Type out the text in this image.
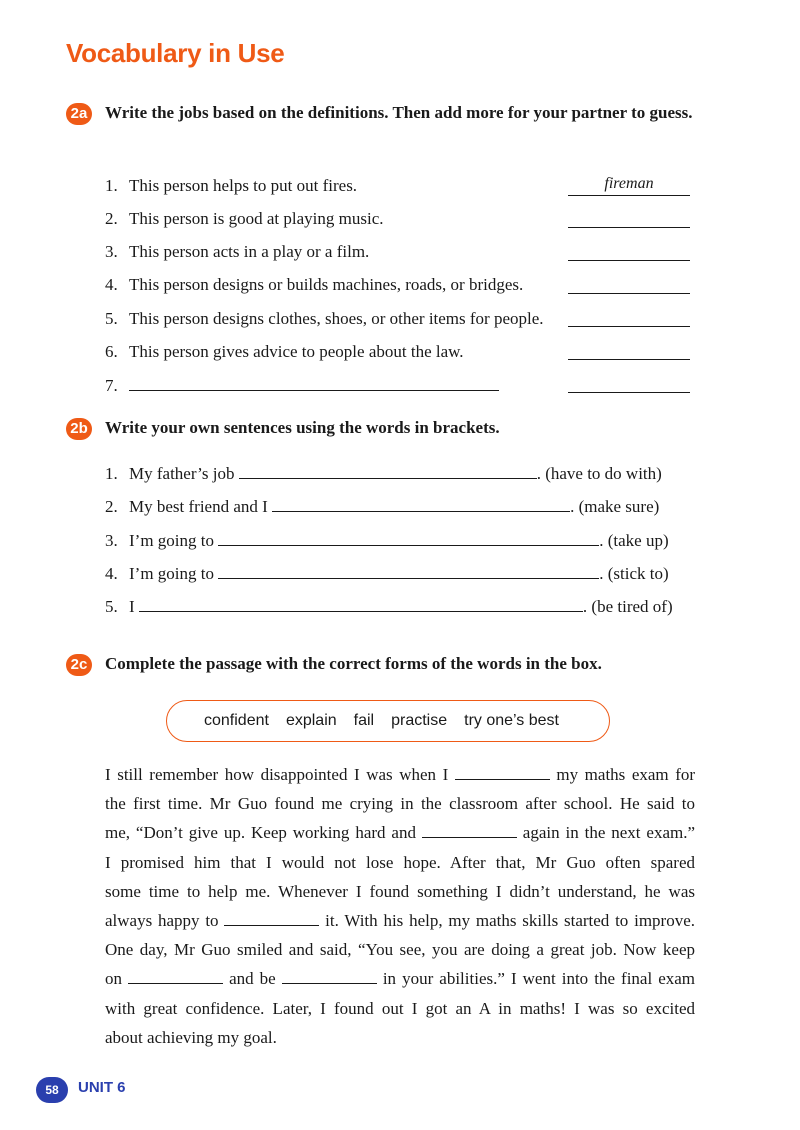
Vocabulary in Use
2a Write the jobs based on the definitions. Then add more for your partner to guess.
1. This person helps to put out fires.	fireman
2. This person is good at playing music.
3. This person acts in a play or a film.
4. This person designs or builds machines, roads, or bridges.
5. This person designs clothes, shoes, or other items for people.
6. This person gives advice to people about the law.
7.
2b Write your own sentences using the words in brackets.
1. My father’s job	. (have to do with)
2. My best friend and I	. (make sure)
3. I’m going to	. (take up)
4. I’m going to	. (stick to)
5. I	. (be tired of)
2c Complete the passage with the correct forms of the words in the box.
confident explain fail practise try one’s best
I still remember how disappointed I was when I	my maths exam for
the first time. Mr Guo found me crying in the classroom after school. He said to
me, “Don’t give up. Keep working hard and	again in the next exam.”
I promised him that I would not lose hope. After that, Mr Guo often spared
some time to help me. Whenever I found something I didn’t understand, he was
always happy to	it. With his help, my maths skills started to improve.
One day, Mr Guo smiled and said, “You see, you are doing a great job. Now keep
on	and be	in your abilities.” I went into the final exam
with great confidence. Later, I found out I got an A in maths! I was so excited
about achieving my goal.
58	UNIT 6
